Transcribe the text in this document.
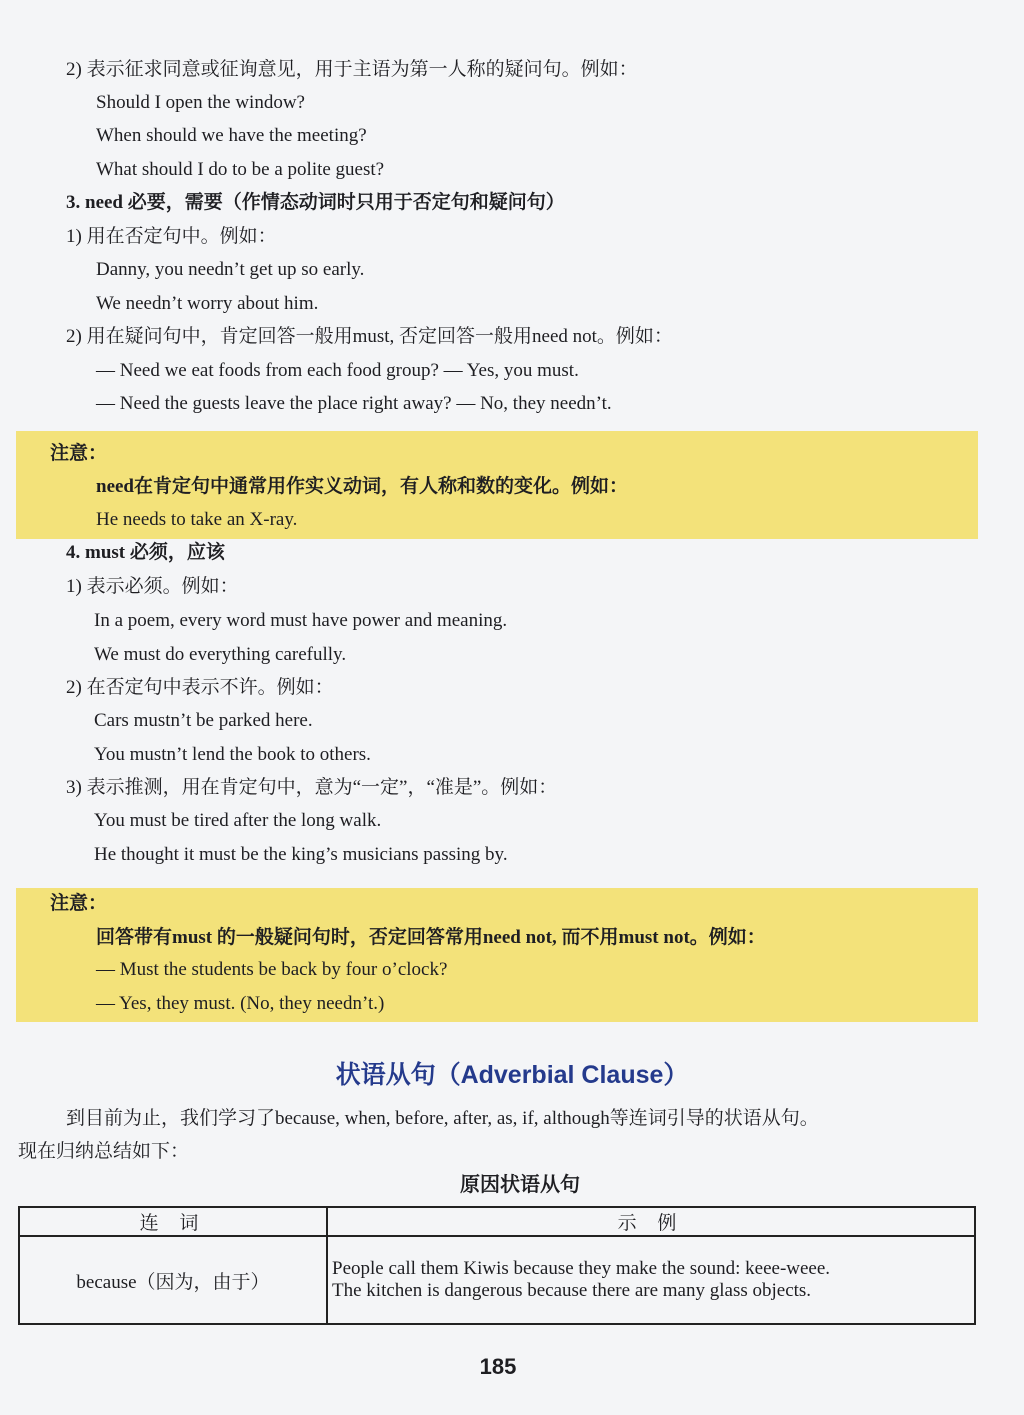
2) 表示征求同意或征询意见，用于主语为第一人称的疑问句。例如：
Should I open the window?
When should we have the meeting?
What should I do to be a polite guest?
3. need 必要，需要（作情态动词时只用于否定句和疑问句）
1) 用在否定句中。例如：
Danny, you needn’t get up so early.
We needn’t worry about him.
2) 用在疑问句中，肯定回答一般用must, 否定回答一般用need not。例如：
— Need we eat foods from each food group? — Yes, you must.
— Need the guests leave the place right away? — No, they needn’t.
注意：
need在肯定句中通常用作实义动词，有人称和数的变化。例如：
He needs to take an X-ray.
4. must 必须，应该
1) 表示必须。例如：
In a poem, every word must have power and meaning.
We must do everything carefully.
2) 在否定句中表示不许。例如：
Cars mustn’t be parked here.
You mustn’t lend the book to others.
3) 表示推测，用在肯定句中，意为“一定”，“准是”。例如：
You must be tired after the long walk.
He thought it must be the king’s musicians passing by.
注意：
回答带有must 的一般疑问句时，否定回答常用need not, 而不用must not。例如：
— Must the students be back by four o’clock?
— Yes, they must. (No, they needn’t.)
状语从句（Adverbial Clause）
到目前为止，我们学习了because, when, before, after, as, if, although等连词引导的状语从句。
现在归纳总结如下：
原因状语从句
连 词	示 例
because（因为，由于）	People call them Kiwis because they make the sound: keee-weee.
The kitchen is dangerous because there are many glass objects.
185
